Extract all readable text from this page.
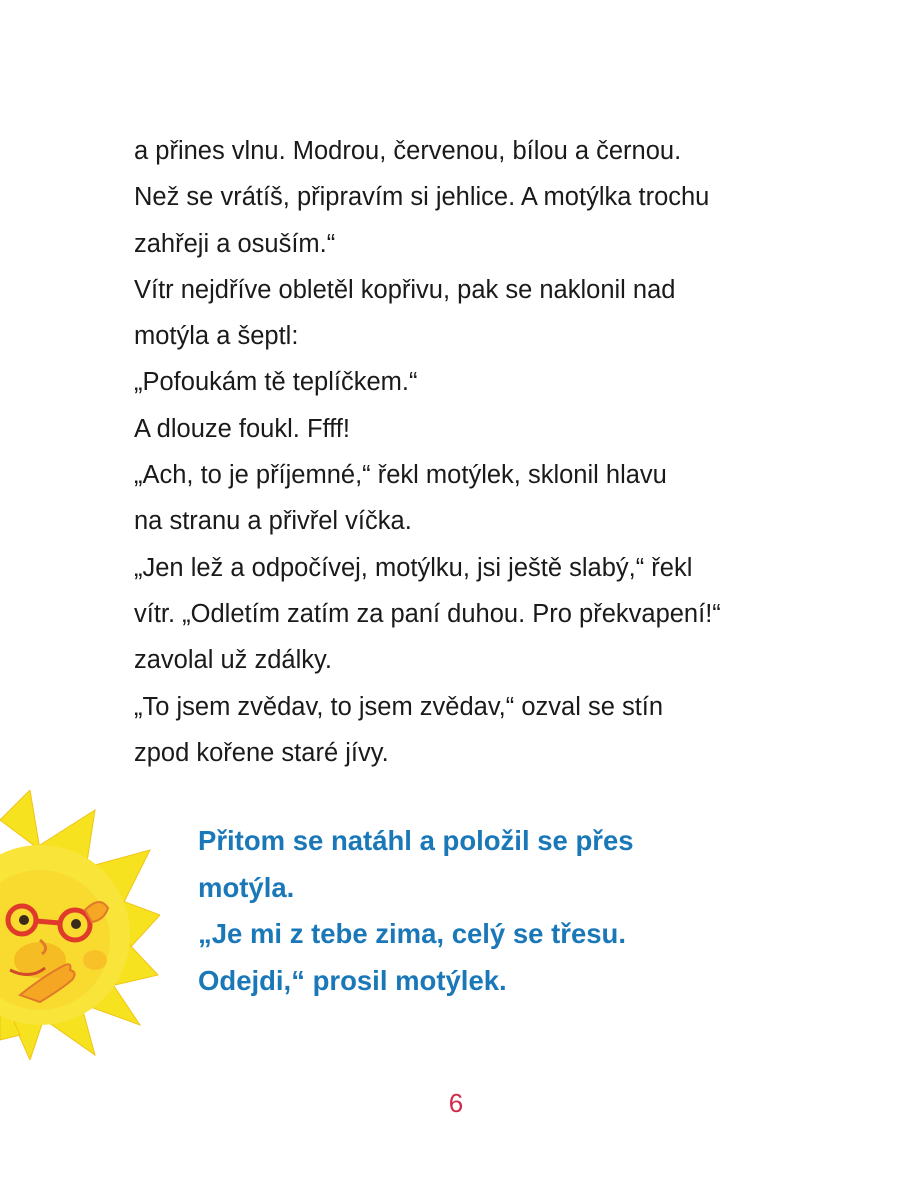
a přines vlnu. Modrou, červenou, bílou a černou.
Než se vrátíš, připravím si jehlice. A motýlka trochu
zahřeji a osuším.“
Vítr nejdříve obletěl kopřivu, pak se naklonil nad
motýla a šeptl:
„Pofoukám tě teplíčkem.“
A dlouze foukl. Ffff!
„Ach, to je příjemné,“ řekl motýlek, sklonil hlavu
na stranu a přivřel víčka.
„Jen lež a odpočívej, motýlku, jsi ještě slabý,“ řekl
vítr. „Odletím zatím za paní duhou. Pro překvapení!“
zavolal už zdálky.
„To jsem zvědav, to jsem zvědav,“ ozval se stín
zpod kořene staré jívy.
Přitom se natáhl a položil se přes
motýla.
„Je mi z tebe zima, celý se třesu.
Odejdi,“ prosil motýlek.
6
